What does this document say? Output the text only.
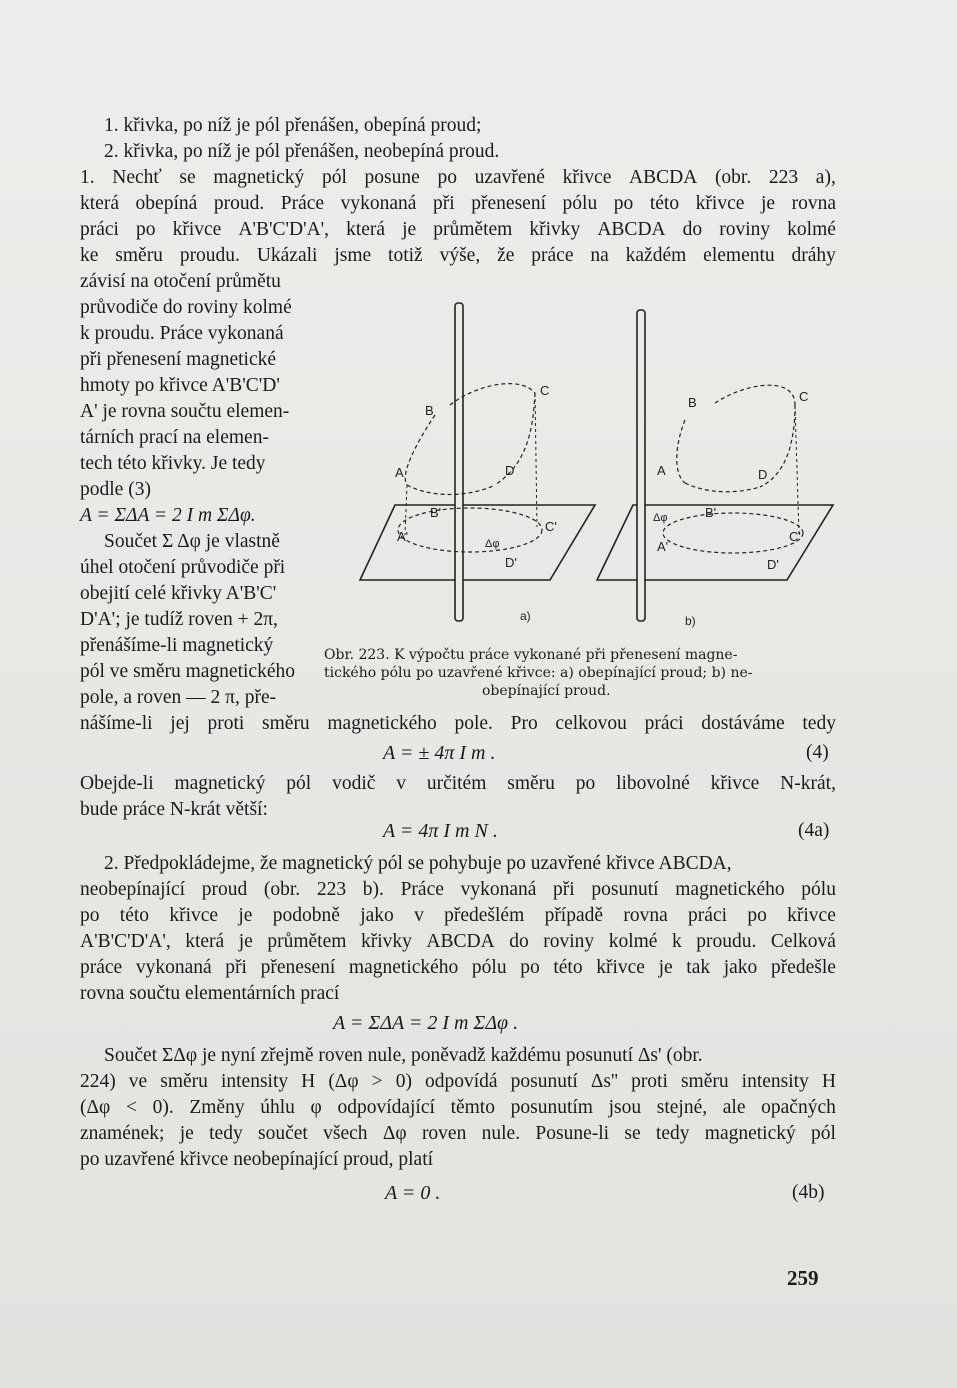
1. křivka, po níž je pól přenášen, obepíná proud;
2. křivka, po níž je pól přenášen, neobepíná proud.
1. Nechť se magnetický pól posune po uzavřené křivce ABCDA (obr. 223 a),
která obepíná proud. Práce vykonaná při přenesení pólu po této křivce je rovna
práci po křivce A'B'C'D'A', která je průmětem křivky ABCDA do roviny kolmé
ke směru proudu. Ukázali jsme totiž výše, že práce na každém elementu dráhy
závisí na otočení průmětu
průvodiče do roviny kolmé
k proudu. Práce vykonaná
při přenesení magnetické
hmoty po křivce A'B'C'D'
A' je rovna součtu elemen-
tárních prací na elemen-
tech této křivky. Je tedy
podle (3)
A = ΣΔA = 2 I m ΣΔφ.
Součet Σ Δφ je vlastně
úhel otočení průvodiče při
obejití celé křivky A'B'C'
D'A'; je tudíž roven + 2π,
přenášíme-li magnetický
pól ve směru magnetického
pole, a roven — 2 π, pře-
nášíme-li jej proti směru magnetického pole. Pro celkovou práci dostáváme tedy
A = ± 4π I m .	(4)
Obejde-li magnetický pól vodič v určitém směru po libovolné křivce N-krát,
bude práce N-krát větší:
A = 4π I m N .	(4a)
2. Předpokládejme, že magnetický pól se pohybuje po uzavřené křivce ABCDA,
neobepínající proud (obr. 223 b). Práce vykonaná při posunutí magnetického pólu
po této křivce je podobně jako v předešlém případě rovna práci po křivce
A'B'C'D'A', která je průmětem křivky ABCDA do roviny kolmé k proudu. Celková
práce vykonaná při přenesení magnetického pólu po této křivce je tak jako předešle
rovna součtu elementárních prací
A = ΣΔA = 2 I m ΣΔφ .
Součet ΣΔφ je nyní zřejmě roven nule, poněvadž každému posunutí Δs' (obr.
224) ve směru intensity H (Δφ > 0) odpovídá posunutí Δs'' proti směru intensity H
(Δφ < 0). Změny úhlu φ odpovídající těmto posunutím jsou stejné, ale opačných
znamének; je tedy součet všech Δφ roven nule. Posune-li se tedy magnetický pól
po uzavřené křivce neobepínající proud, platí
A = 0 .	(4b)
B
C
A	D
B'
C'
A'
D'
Δφ
a)
B	C
A	D
B'
C'
A'
D'
Δφ
b)
Obr. 223. K výpočtu práce vykonané při přenesení magne-
tického pólu po uzavřené křivce: a) obepínající proud; b) ne-
obepínající proud.
259
